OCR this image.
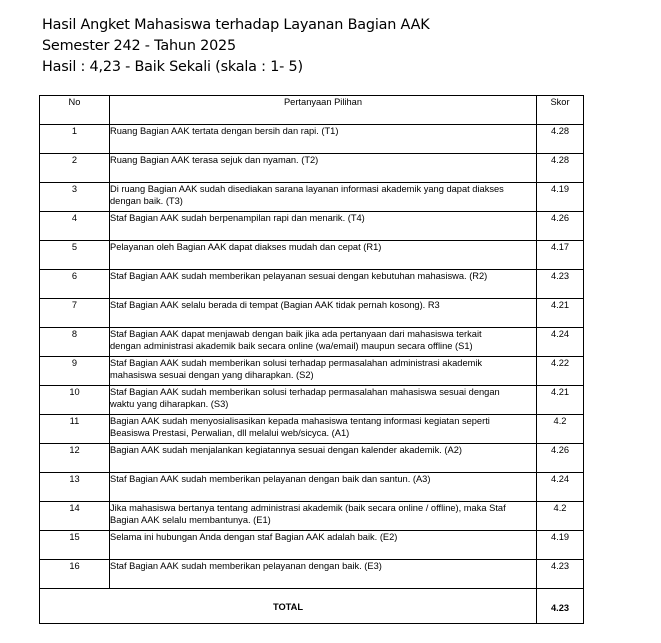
Hasil Angket Mahasiswa terhadap Layanan Bagian AAK
Semester 242 - Tahun 2025
Hasil : 4,23 - Baik Sekali (skala : 1- 5)
No	Pertanyaan Pilihan	Skor
1	Ruang Bagian AAK tertata dengan bersih dan rapi. (T1)	4.28
2	Ruang Bagian AAK terasa sejuk dan nyaman. (T2)	4.28
3	Di ruang Bagian AAK sudah disediakan sarana layanan informasi akademik yang dapat diakses
dengan baik. (T3)	4.19
4	Staf Bagian AAK sudah berpenampilan rapi dan menarik. (T4)	4.26
5	Pelayanan oleh Bagian AAK dapat diakses mudah dan cepat (R1)	4.17
6	Staf Bagian AAK sudah memberikan pelayanan sesuai dengan kebutuhan mahasiswa. (R2)	4.23
7	Staf Bagian AAK selalu berada di tempat (Bagian AAK tidak pernah kosong). R3	4.21
8	Staf Bagian AAK dapat menjawab dengan baik jika ada pertanyaan dari mahasiswa terkait
dengan administrasi akademik baik secara online (wa/email) maupun secara offline (S1)	4.24
9	Staf Bagian AAK sudah memberikan solusi terhadap permasalahan administrasi akademik
mahasiswa sesuai dengan yang diharapkan. (S2)	4.22
10	Staf Bagian AAK sudah memberikan solusi terhadap permasalahan mahasiswa sesuai dengan
waktu yang diharapkan. (S3)	4.21
11	Bagian AAK sudah menyosialisasikan kepada mahasiswa tentang informasi kegiatan seperti
Beasiswa Prestasi, Perwalian, dll melalui web/sicyca. (A1)	4.2
12	Bagian AAK sudah menjalankan kegiatannya sesuai dengan kalender akademik. (A2)	4.26
13	Staf Bagian AAK sudah memberikan pelayanan dengan baik dan santun. (A3)	4.24
14	Jika mahasiswa bertanya tentang administrasi akademik (baik secara online / offline), maka Staf
Bagian AAK selalu membantunya. (E1)	4.2
15	Selama ini hubungan Anda dengan staf Bagian AAK adalah baik. (E2)	4.19
16	Staf Bagian AAK sudah memberikan pelayanan dengan baik. (E3)	4.23
TOTAL		4.23
